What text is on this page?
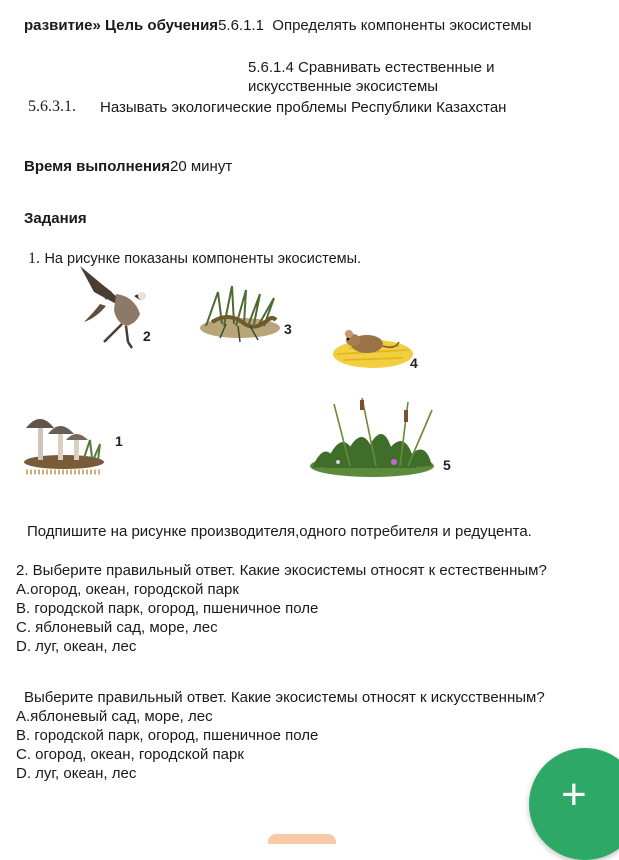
развитие» Цель обучения5.6.1.1 Определять компоненты экосистемы
5.6.1.4 Сравнивать естественные и
искусственные экосистемы
5.6.3.1. Называть экологические проблемы Республики Казахстан
Время выполнения20 минут
Задания
1. На рисунке показаны компоненты экосистемы.
2	3
4
1
5
Подпишите на рисунке производителя,одного потребителя и редуцента.
2. Выберите правильный ответ. Какие экосистемы относят к естественным?
A.огород, океан, городской парк
B. городской парк, огород, пшеничное поле
C. яблоневый сад, море, лес
D. луг, океан, лес
Выберите правильный ответ. Какие экосистемы относят к искусственным?
A.яблоневый сад, море, лес
B. городской парк, огород, пшеничное поле
C. огород, океан, городской парк
D. луг, океан, лес	+
